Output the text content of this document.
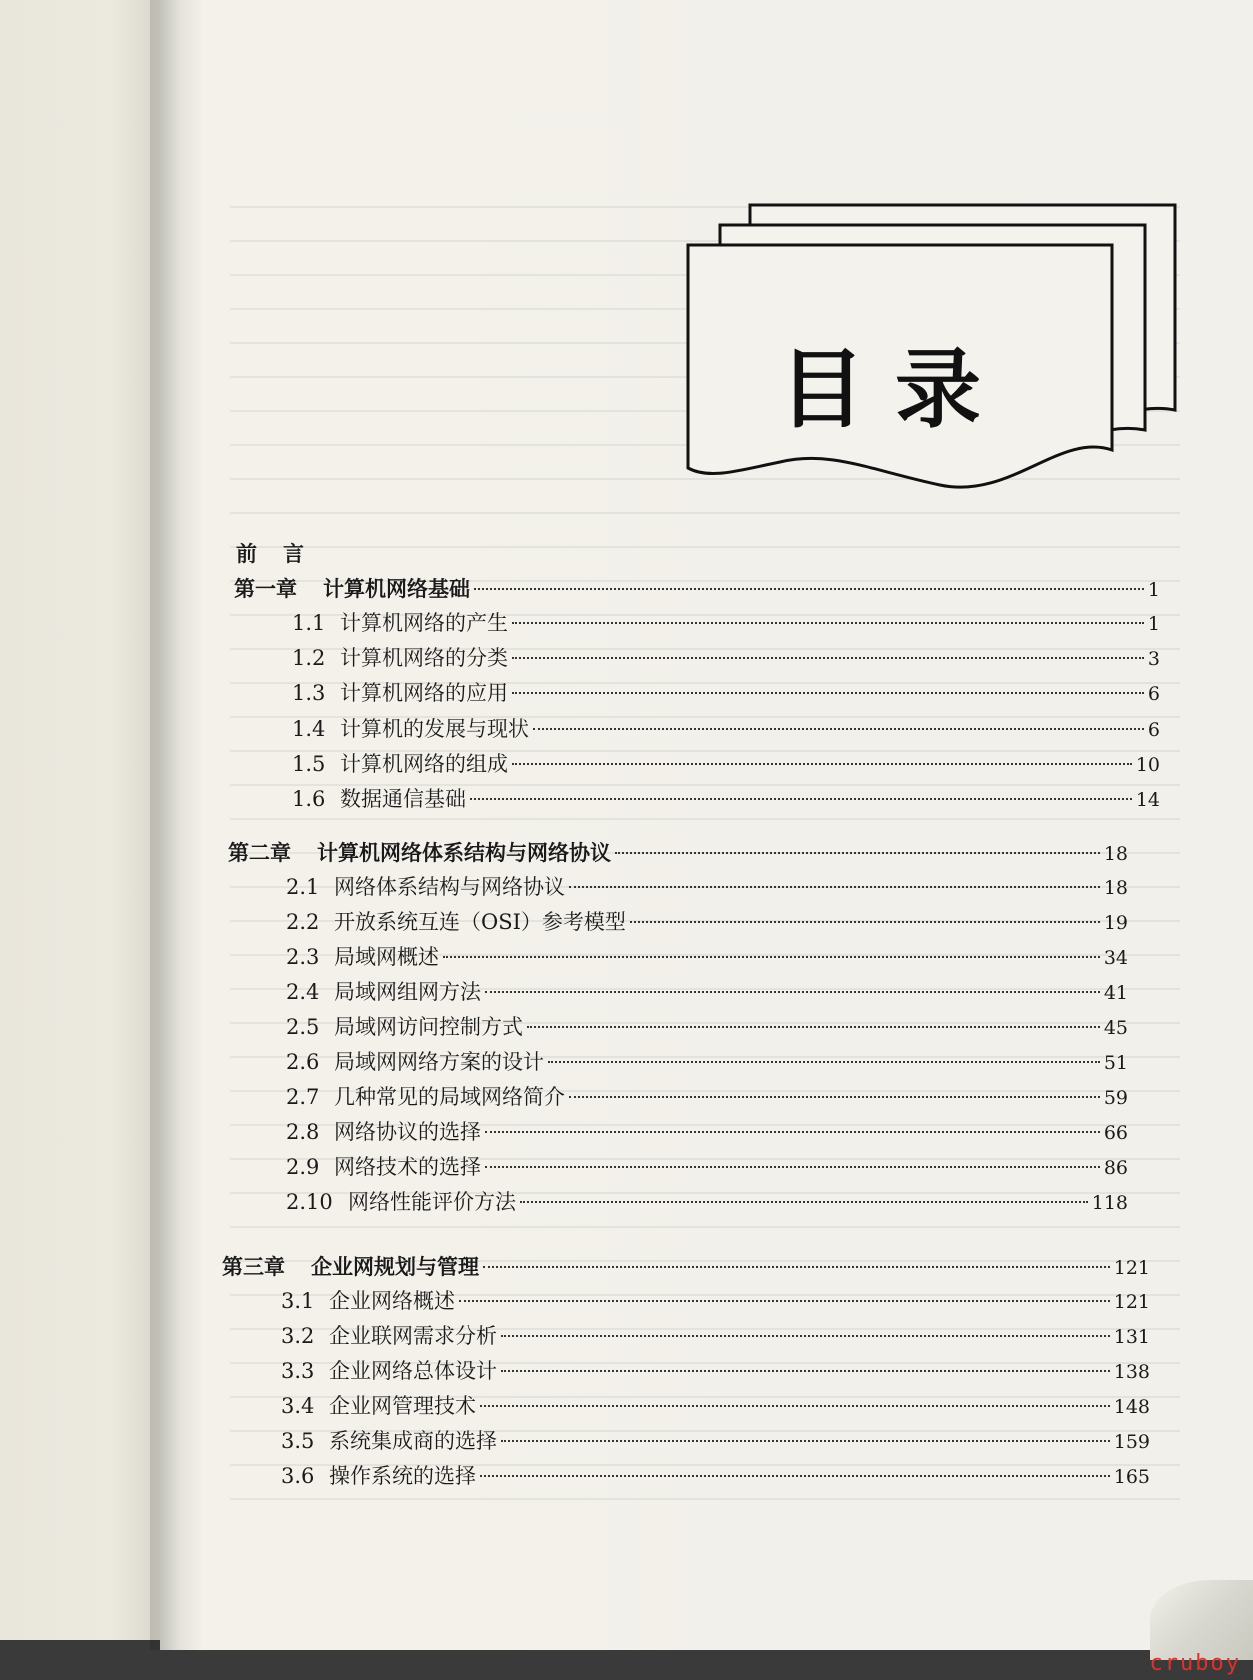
目录
前言
第一章 计算机网络基础	1
1.1 计算机网络的产生	1
1.2 计算机网络的分类	3
1.3 计算机网络的应用	6
1.4 计算机的发展与现状	6
1.5 计算机网络的组成	10
1.6 数据通信基础	14
第二章 计算机网络体系结构与网络协议	18
2.1 网络体系结构与网络协议	18
2.2 开放系统互连（OSI）参考模型	19
2.3 局域网概述	34
2.4 局域网组网方法	41
2.5 局域网访问控制方式	45
2.6 局域网网络方案的设计	51
2.7 几种常见的局域网络简介	59
2.8 网络协议的选择	66
2.9 网络技术的选择	86
2.10 网络性能评价方法	118
第三章 企业网规划与管理	121
3.1 企业网络概述	121
3.2 企业联网需求分析	131
3.3 企业网络总体设计	138
3.4 企业网管理技术	148
3.5 系统集成商的选择	159
3.6 操作系统的选择	165
cruboy
